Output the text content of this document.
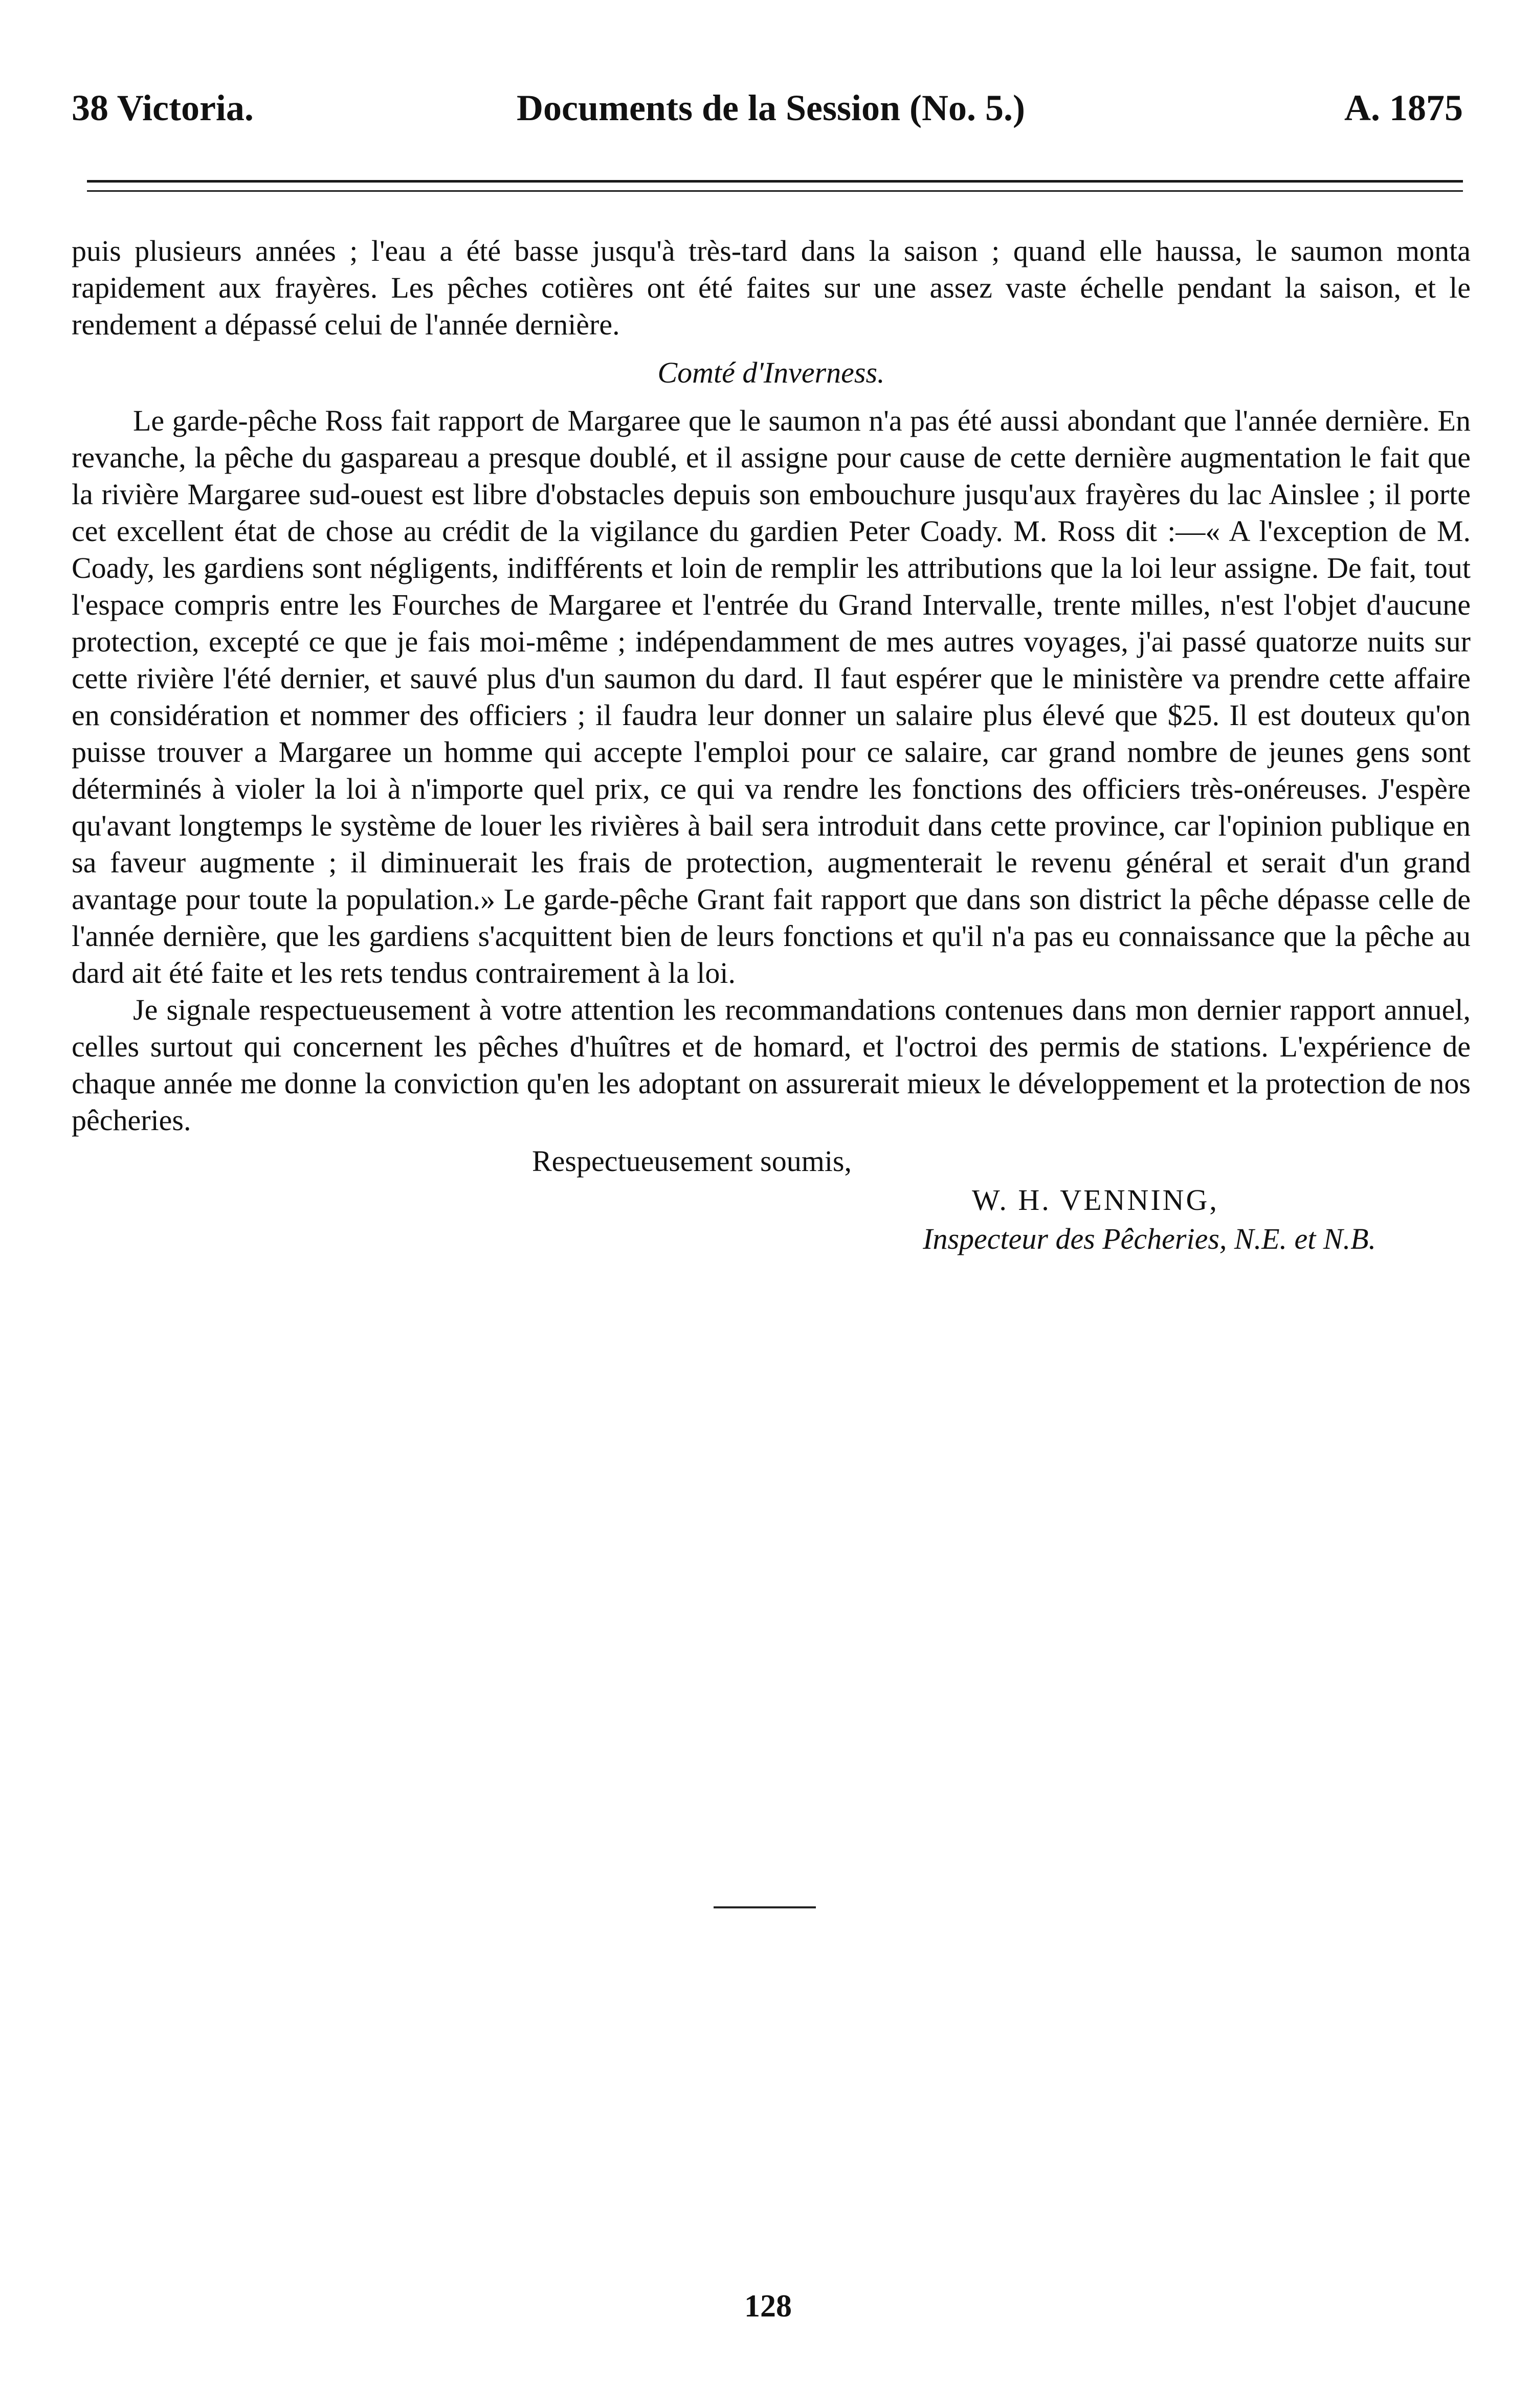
38 Victoria.	Documents de la Session (No. 5.)	A. 1875

puis plusieurs années ; l'eau a été basse jusqu'à très-tard dans la saison ; quand elle haussa, le saumon monta rapidement aux frayères. Les pêches cotières ont été faites sur une assez vaste échelle pendant la saison, et le rendement a dépassé celui de l'année dernière.

Comté d'Inverness.

Le garde-pêche Ross fait rapport de Margaree que le saumon n'a pas été aussi abondant que l'année dernière. En revanche, la pêche du gaspareau a presque doublé, et il assigne pour cause de cette dernière augmentation le fait que la rivière Margaree sud-ouest est libre d'obstacles depuis son embouchure jusqu'aux frayères du lac Ainslee ; il porte cet excellent état de chose au crédit de la vigilance du gardien Peter Coady. M. Ross dit :—« A l'exception de M. Coady, les gardiens sont négligents, indifférents et loin de remplir les attributions que la loi leur assigne. De fait, tout l'espace compris entre les Fourches de Margaree et l'entrée du Grand Intervalle, trente milles, n'est l'objet d'aucune protection, excepté ce que je fais moi-même ; indépendamment de mes autres voyages, j'ai passé quatorze nuits sur cette rivière l'été dernier, et sauvé plus d'un saumon du dard. Il faut espérer que le ministère va prendre cette affaire en considération et nommer des officiers ; il faudra leur donner un salaire plus élevé que $25. Il est douteux qu'on puisse trouver a Margaree un homme qui accepte l'emploi pour ce salaire, car grand nombre de jeunes gens sont déterminés à violer la loi à n'importe quel prix, ce qui va rendre les fonctions des officiers très-onéreuses. J'espère qu'avant longtemps le système de louer les rivières à bail sera introduit dans cette province, car l'opinion publique en sa faveur augmente ; il diminuerait les frais de protection, augmenterait le revenu général et serait d'un grand avantage pour toute la population.» Le garde-pêche Grant fait rapport que dans son district la pêche dépasse celle de l'année dernière, que les gardiens s'acquittent bien de leurs fonctions et qu'il n'a pas eu connaissance que la pêche au dard ait été faite et les rets tendus contrairement à la loi.

Je signale respectueusement à votre attention les recommandations contenues dans mon dernier rapport annuel, celles surtout qui concernent les pêches d'huîtres et de homard, et l'octroi des permis de stations. L'expérience de chaque année me donne la conviction qu'en les adoptant on assurerait mieux le développement et la protection de nos pêcheries.

Respectueusement soumis,
W. H. VENNING,
Inspecteur des Pêcheries, N.E. et N.B.
128
